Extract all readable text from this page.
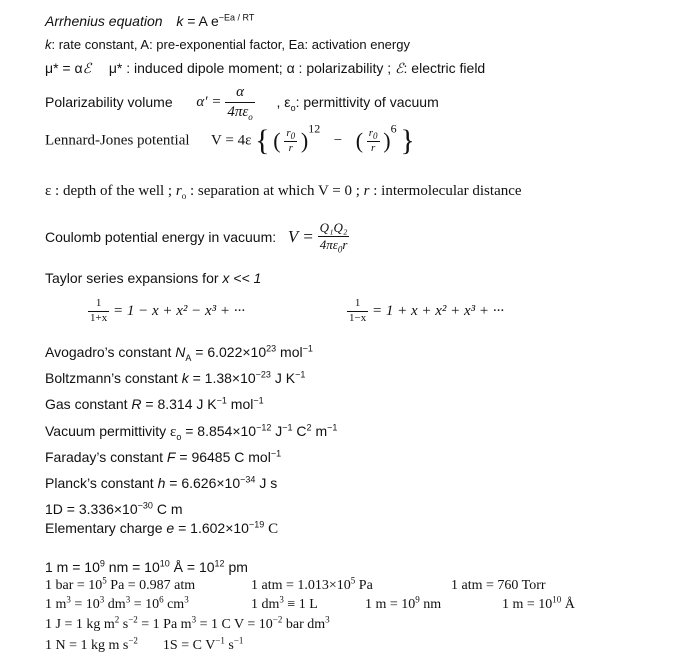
Arrhenius equation k = A $e^{-Ea / RT}$
k: rate constant, A: pre-exponential factor, Ea: activation energy
μ* = αℰ μ* : induced dipole moment; α : polarizability ; ℰ: electric field
Polarizability volume $\alpha' = \frac{\alpha}{4\pi\varepsilon_o}$ , $\varepsilon_o$: permittivity of vacuum
Lennard-Jones potential V = 4ε { ( $\frac{r_0}{r} )^{12}$  − ( $\frac{r_0}{r} )^6$ }
ε : depth of the well ; $r_o$ : separation at which V = 0 ; r : intermolecular distance
Coulomb potential energy in vacuum: $V = \frac{\text{Q₁Q₂}}{4\pi\varepsilon_0r}$
Taylor series expansions for x << 1
$\frac{1}{1+x} = 1 - x + x^2 - x^3$ + ···	$\frac{1}{1-x} = 1 + x + x^2 + x^3$ + ···
Avogadro’s constant $N_A = 6.022\times 10^{23}$ mol$^{-1}$
Boltzmann’s constant $k = 1.38\times 10^{-23}$ J $K^{-1}$
Gas constant R = 8.314 J $K^{-1}$ mol$^{-1}$
Vacuum permittivity $\varepsilon_o = 8.854\times 10^{-12}$ $J^{-1}$ $C^2$ $m^{-1}$
Faraday’s constant F = 96485 C mol$^{-1}$
Planck’s constant $h = 6.626\times 10^{-34}$ J s
$1D = 3.336\times 10^{-30}$ C m
Elementary charge $e = 1.602\times 10^{-19}$ C
1 $m = 10^9$ nm = $10^{10}$ Å = $10^{12}$ pm
1 bar = $10^5$ Pa = 0.987 atm	1 atm = $1.013\times 10^5$ Pa	1 atm = 760 Torr
1 $m^3 = 10^3$ $dm^3 = 10^6$ $cm^3$	1 $dm^3 \equiv 1$ L	1 $m = 10^9$ nm	1 $m = 10^{10}$ Å
1 J = 1 kg $m^2$ $s^{-2} = 1$ Pa $m^3 = 1$ C $V = 10^{-2}$ bar $dm^3$
1 N = 1 kg m $s^{-2}$ 1S = C $V^{-1}$ $s^{-1}$
